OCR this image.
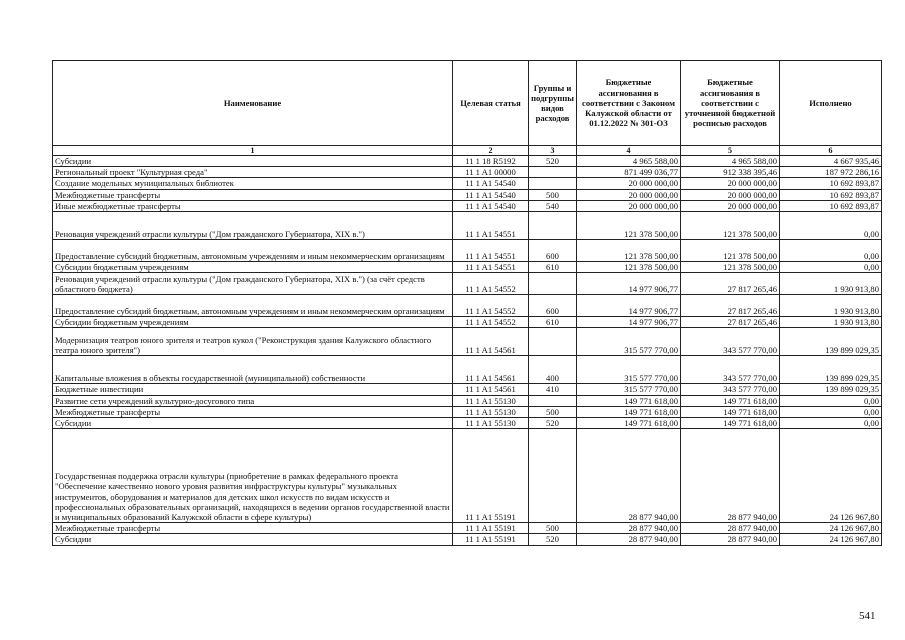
Наименование	Целевая статья	Группы и подгруппы видов расходов	Бюджетные ассигнования в соответствии с Законом Калужской области от 01.12.2022 № 301-ОЗ	Бюджетные ассигнования в соответствии с уточненной бюджетной росписью расходов	Исполнено
1	2	3	4	5	6
Субсидии	11 1 18 R5192	520	4 965 588,00	4 965 588,00	4 667 935,46
Региональный проект "Культурная среда"	11 1 A1 00000		871 499 036,77	912 338 395,46	187 972 286,16
Создание модельных муниципальных библиотек	11 1 A1 54540		20 000 000,00	20 000 000,00	10 692 893,87
Межбюджетные трансферты	11 1 A1 54540	500	20 000 000,00	20 000 000,00	10 692 893,87
Иные межбюджетные трансферты	11 1 A1 54540	540	20 000 000,00	20 000 000,00	10 692 893,87
Реновация учреждений отрасли культуры ("Дом гражданского Губернатора, XIX в.")	11 1 A1 54551		121 378 500,00	121 378 500,00	0,00
Предоставление субсидий бюджетным, автономным учреждениям и иным некоммерческим организациям	11 1 A1 54551	600	121 378 500,00	121 378 500,00	0,00
Субсидии бюджетным учреждениям	11 1 A1 54551	610	121 378 500,00	121 378 500,00	0,00
Реновация учреждений отрасли культуры ("Дом гражданского Губернатора, XIX в.") (за счёт средств областного бюджета)	11 1 A1 54552		14 977 906,77	27 817 265,46	1 930 913,80
Предоставление субсидий бюджетным, автономным учреждениям и иным некоммерческим организациям	11 1 A1 54552	600	14 977 906,77	27 817 265,46	1 930 913,80
Субсидии бюджетным учреждениям	11 1 A1 54552	610	14 977 906,77	27 817 265,46	1 930 913,80
Модернизация театров юного зрителя и театров кукол ("Реконструкция здания Калужского областного театра юного зрителя")	11 1 A1 54561		315 577 770,00	343 577 770,00	139 899 029,35
Капитальные вложения в объекты государственной (муниципальной) собственности	11 1 A1 54561	400	315 577 770,00	343 577 770,00	139 899 029,35
Бюджетные инвестиции	11 1 A1 54561	410	315 577 770,00	343 577 770,00	139 899 029,35
Развитие сети учреждений культурно-досугового типа	11 1 A1 55130		149 771 618,00	149 771 618,00	0,00
Межбюджетные трансферты	11 1 A1 55130	500	149 771 618,00	149 771 618,00	0,00
Субсидии	11 1 A1 55130	520	149 771 618,00	149 771 618,00	0,00
Государственная поддержка отрасли культуры (приобретение в рамках федерального проекта "Обеспечение качественно нового уровня развития инфраструктуры культуры" музыкальных инструментов, оборудования и материалов для детских школ искусств по видам искусств и профессиональных образовательных организаций, находящихся в ведении органов государственной власти и муниципальных образований Калужской области в сфере культуры)	11 1 A1 55191		28 877 940,00	28 877 940,00	24 126 967,80
Межбюджетные трансферты	11 1 A1 55191	500	28 877 940,00	28 877 940,00	24 126 967,80
Субсидии	11 1 A1 55191	520	28 877 940,00	28 877 940,00	24 126 967,80
541
